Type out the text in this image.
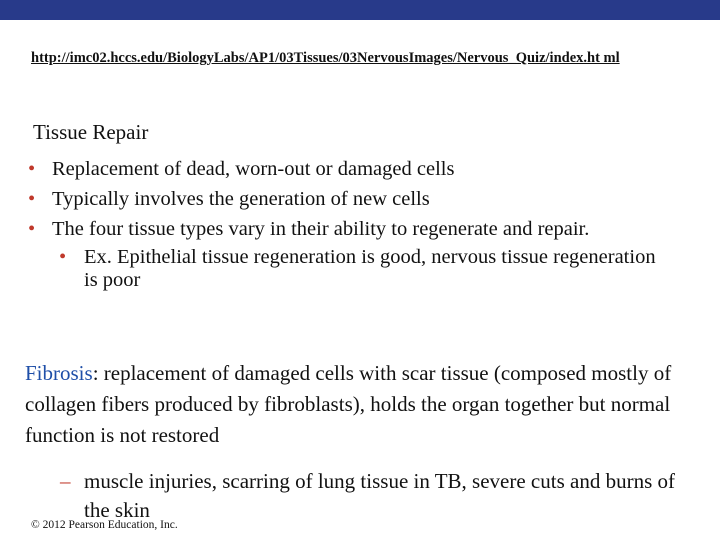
http://imc02.hccs.edu/BiologyLabs/AP1/03Tissues/03NervousImages/Nervous_Quiz/index.ht ml
Tissue Repair
• Replacement of dead, worn-out or damaged cells
• Typically involves the generation of new cells
• The four tissue types vary in their ability to regenerate and repair.
• Ex. Epithelial tissue regeneration is good, nervous tissue regeneration is poor
Fibrosis: replacement of damaged cells with scar tissue (composed mostly of collagen fibers produced by fibroblasts), holds the organ together but normal function is not restored
– muscle injuries, scarring of lung tissue in TB, severe cuts and burns of the skin
© 2012 Pearson Education, Inc.
